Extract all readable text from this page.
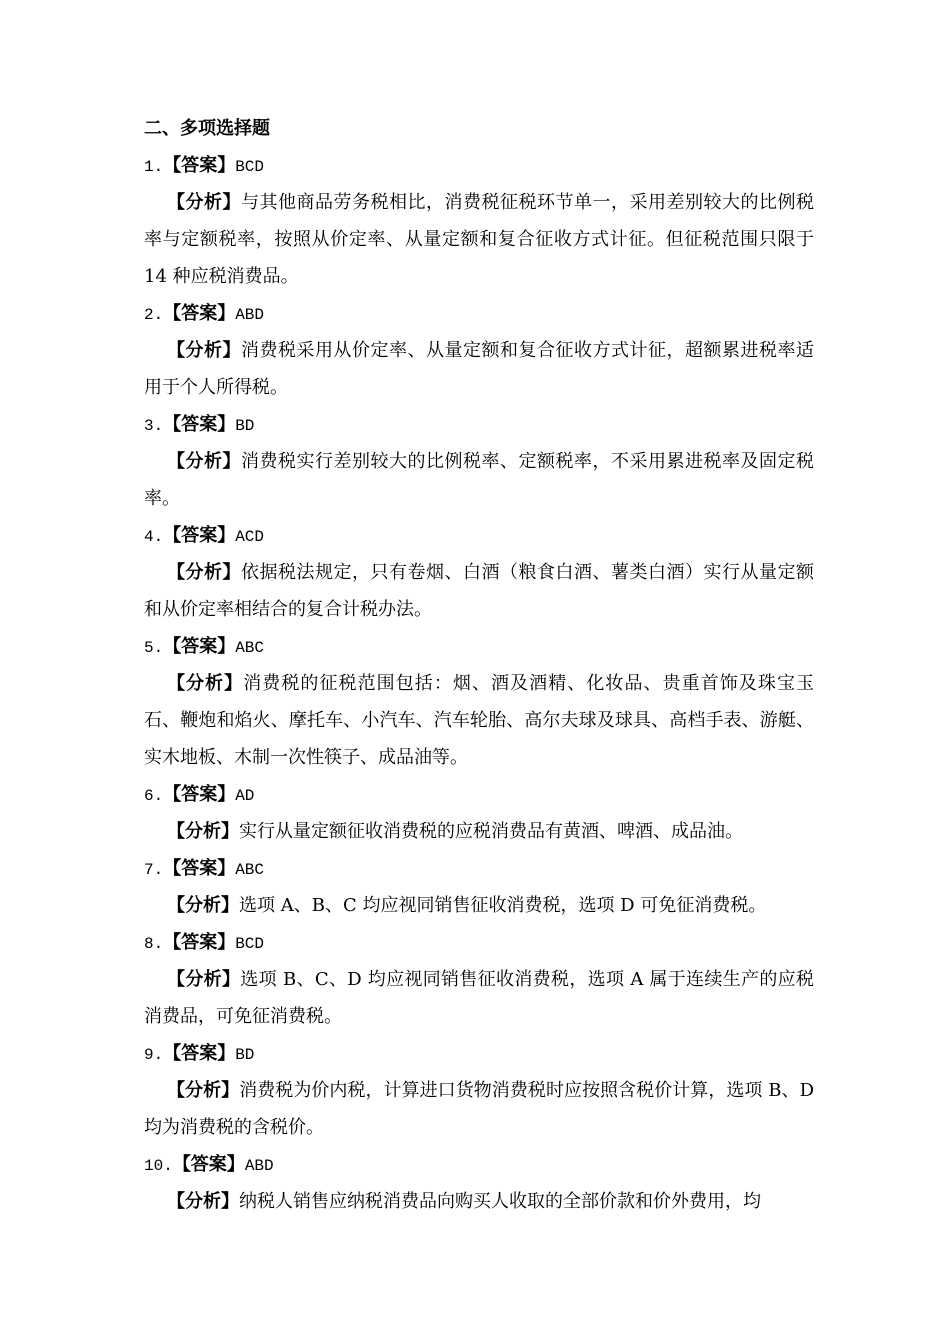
二、多项选择题
1.【答案】BCD
【分析】与其他商品劳务税相比，消费税征税环节单一，采用差别较大的比例税率与定额税率，按照从价定率、从量定额和复合征收方式计征。但征税范围只限于 14 种应税消费品。
2.【答案】ABD
【分析】消费税采用从价定率、从量定额和复合征收方式计征，超额累进税率适用于个人所得税。
3.【答案】BD
【分析】消费税实行差别较大的比例税率、定额税率，不采用累进税率及固定税率。
4.【答案】ACD
【分析】依据税法规定，只有卷烟、白酒（粮食白酒、薯类白酒）实行从量定额和从价定率相结合的复合计税办法。
5.【答案】ABC
【分析】消费税的征税范围包括：烟、酒及酒精、化妆品、贵重首饰及珠宝玉石、鞭炮和焰火、摩托车、小汽车、汽车轮胎、高尔夫球及球具、高档手表、游艇、实木地板、木制一次性筷子、成品油等。
6.【答案】AD
【分析】实行从量定额征收消费税的应税消费品有黄酒、啤酒、成品油。
7.【答案】ABC
【分析】选项 A、B、C 均应视同销售征收消费税，选项 D 可免征消费税。
8.【答案】BCD
【分析】选项 B、C、D 均应视同销售征收消费税，选项 A 属于连续生产的应税消费品，可免征消费税。
9.【答案】BD
【分析】消费税为价内税，计算进口货物消费税时应按照含税价计算，选项 B、D 均为消费税的含税价。
10.【答案】ABD
【分析】纳税人销售应纳税消费品向购买人收取的全部价款和价外费用，均
